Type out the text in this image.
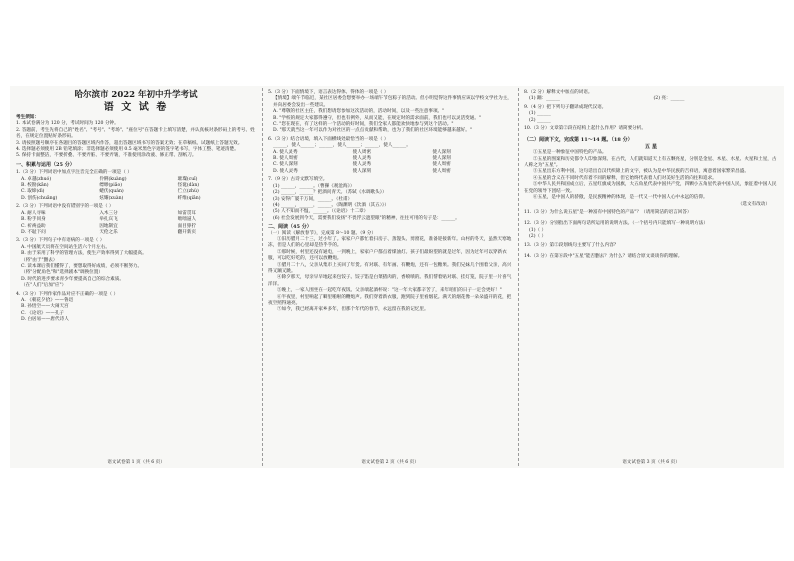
哈尔滨市 2022 年初中升学考试
语 文 试 卷
考生须知：
1. 本试卷满分为 120 分，考试时间为 120 分钟。
2. 答题前，考生先将自己的"姓名"、"考号"、"考场"、"座位号"在答题卡上填写清楚，并认真核对条形码上的考号、姓名，在规定位置贴好条形码。
3. 请按照题号顺序在各题目的答题区域内作答，超出答题区域书写的答案无效；在草稿纸、试题纸上答题无效。
4. 选择题必须使用 2B 铅笔填涂；非选择题必须使用 0.5 毫米黑色字迹的签字笔书写，字体工整、笔迹清楚。
5. 保持卡面整洁，不要折叠、不要弄脏、不要弄皱，不准使用涂改液、修正带、刮纸刀。
一、积累与运用（25 分）
1.（3 分）下列词语中加点字注音完全正确的一项是（ ）
A. 卓越(zhuó)	伶俐(kuàng)	璀璨(cuǐ)
B. 校勘(kān)	缥缈(piāo)	怪诞(dàn)
C. 取缔(dì)	蜷伏(quán)	伫立(zhù)
D. 创伤(chuāng)	炫耀(xuàn)	纤维(qiān)
2.（3 分）下列词语中没有错别字的一项是（ ）
A. 耐人寻味	入木三分	如雷贯耳
B. 粉手同身	举扎宾飞	咄咄逼人
C. 祈祷益助	因地制宜	面目狰狞
D. 不耻下问	天伦之乐	翻开新页
3.（3 分）下列句子中有语病的一项是（ ）
A. 中国航天员将在空间站生活六个月左右。
B. 由于采用了科学的管理方法，使生产效率得到了大幅提高。
（将"由于"删去）
C. 读本课后我们懂得了，要想取得好成绩，必须不断努力。
（将"分配角色"和"选择剧本"调换位置）
D. 时代的进步要求青少年要提高自己的综合素质。
（在"人们"后加"应"）
4.（3 分）下列作家作品对应不正确的一项是（ ）
A. 《朝花夕拾》——鲁迅
B. 孙悟空——大闹天宫
C. 《论语》——孔子
D. 白居易——唐代诗人
语文试卷第 1 页（共 6 页）
5.（3 分）下面情境下，语言表达得体、得体的一项是（ ）
【情境】端午节临近，某社区居委会想要举办一场端午节包粽子的活动。但小明觉得这件事情应该以学校文学社为主，并向居委会发出一些建议。
A. "尊敬的社区主任，我们想请您参加这次活动的，活动时间，以及一些注意事项。"
B. "学校的规定大家都得遵守，但也有例外，从而又能，在规定时的需求面前，我们也可以灵活变通。"
C. "您在现在，有了这样的一个活动的好时间，我们全家人都能欢快地参与到这个活动。"
D. "那天就当这一年可以作为对社区的一点点贡献和帮助，也为了我们的社区环境能够越来越好。"
6.（3 分）结合语境，填入下面横线处最恰当的一项是（ ）
______，使人______；______，使人______；______，使人______。
A. 使人灵秀	使人周密	使人深刻
B. 使人周密	使人灵秀	使人深刻
C. 使人深刻	使人灵秀	使人周密
D. 使人灵秀	使人深刻	使人周密
7.（9 分）古诗文默写填空。
(1) ______，______。（曹操《观沧海》）
(2) ______，______？把酒问青天。（苏轼《水调歌头》）
(3) 安得广厦千万间，______。（杜甫）
(4) ______，______，______。（陶渊明《饮酒（其五）》）
(5) 人不知而不愠，______。（《论语》十二章）
(6) 社会发展到今天，需要我们发扬"不畏浮云遮望眼"的精神，往往可用的句子是：______。
二、阅读（45 分）
（一）阅读《解放春节》，完成第 8～10 题。（9 分）
①旧历腊月二十三，过小年了。家家户户都忙着扫房子、蒸馒头、剪窗花，准备迎接新年。山村的冬天，虽然天寒地冻，但是人们的心里却是热乎乎的。
②那时候，村里还没有通电，一到晚上，家家户户都点着煤油灯。孩子们最盼望的就是过年，因为过年可以穿新衣服，可以吃好吃的，还可以放鞭炮。
③腊月二十八，父亲从集市上买回了年货。有对联、有年画、有鞭炮，还有一包糖果。我们兄妹几个围着父亲，高兴得又蹦又跳。
④除夕那天，母亲早早地起来包饺子。饺子馅是白菜猪肉的，香喷喷的。我们帮着贴对联、挂灯笼，院子里一片喜气洋洋。
⑤晚上，一家人围坐在一起吃年夜饭。父亲端起酒杯说："这一年大家都辛苦了，来年咱们的日子一定会更好！"
⑥半夜里，村里响起了噼里啪啦的鞭炮声。我们穿着新衣服，跑到院子里看烟花。满天的烟花像一朵朵盛开的花，把夜空照得通亮。
⑦如今，我已经离开家乡多年，但那个年代的春节，永远留在我的记忆里。
语文试卷第 2 页（共 6 页）
8.（2 分）解释文中加点的词语。
(1) 蹦：______	(2) 亮：______
9.（4 分）把下列句子翻译成现代汉语。
(1) ______
(2) ______
10.（3 分）文章第②段在结构上起什么作用？请简要分析。
（二）阅读下文，完成第 11～14 题。（18 分）
五 星
①五星是一种象征中国特色的产品。
②五星的图案和历史都令人印象深刻。在古代，人们就知道天上有五颗亮星，分别是金星、木星、水星、火星和土星，古人称之为"五星"。
③五星出东方利中国，这句话出自汉代织锦上的文字，被认为是中华民族的吉祥语，寓意着国家繁荣昌盛。
④五星的含义在不同时代有着不同的解释，但它始终代表着人们对美好生活的向往和追求。
⑤中华人民共和国成立后，五星红旗成为国旗，大五角星代表中国共产党，四颗小五角星代表中国人民，象征着中国人民在党的领导下团结一致。
⑥五星，是中国人的骄傲，是民族精神的体现，是一代又一代中国人心中永远的信仰。
（选文有改动）
11.（3 分）为什么说五星"是一种富有中国特色的产品"？（请用简洁的语言回答）
12.（3 分）分别指出下面两句话所运用的说明方法。（一个括号内只能填写一种说明方法）
(1)（ ）
(2)（ ）
13.（3 分）第②段划线句主要写了什么内容？
14.（3 分）在第⑥段中"五星"能否删去？为什么？请结合原文谈谈你的理解。
语文试卷第 3 页（共 6 页）
